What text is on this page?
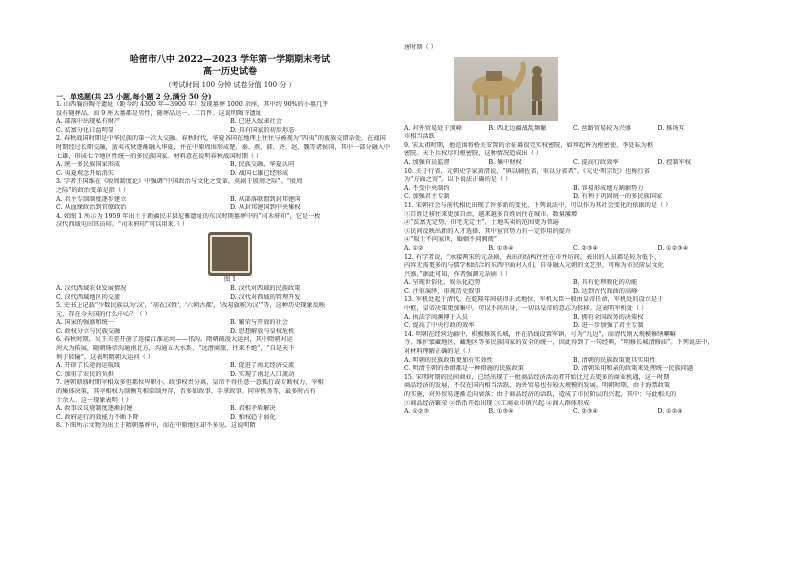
哈密市八中 2022—2023 学年第一学期期末考试
高一历史试卷
（考试时间 100 分钟 试卷分值 100 分 ）
一、单选题(共 25 小题,每小题 2 分,满分 50 分)
1. 山西襄汾陶寺遗址（距今约 4300 年—3900 年）发现墓葬 1000 余座，其中约 90%的小墓几乎
没有随葬品，而 9 座大墓都是男性，随葬品达一、二百件。这说明陶寺遗址
A. 部落中出现私有财产	B. 已进入奴隶社会
C. 贫富分化日益明显	D. 具有国家的初步形态
2. 春秋战国时期是中华民族的第一次大交融。春秋时代，华夏各国在地理上往往与被视为“四夷”的蛮族交错杂处，在战国
时期经过长期交融，蛮夷戎狄逐渐融入华夏，并在中原周围形成楚、秦、燕、韩、齐、赵、魏等诸侯国，其中一部分融入中
七雄，形成七个地区性统一的多民族国家。材料意在说明春秋战国时期（ ）
A. 统一多民族国家形成	B. 民族交融、华夏认同
C. 夷夏观念开始消失	D. 战国七雄已经形成
3. 学者王国维在《殷周制度论》中强调“中国政治与文化之变革，莫剧于殷周之际”。“殷周
之际”的政治变革是指（ ）
A. 君主专制制度逐步建立	B. 从部落联盟到封邦建国
C. 从血缘政治到官僚政治	D. 从封邦建国到中央集权
4. 如图 1 所示为 1959 年出土于新疆民丰县尼雅遗址的东汉时期墓葬中的“司禾府印”，它是一枚
汉代西域屯田官员印。“司禾府印”可以用来（ ）
图 1
A. 汉代西域农业发展情况	B. 汉代对西域的民族政策
C. 汉代西域地区的交流	D. 汉代对西域的管理开发
5. 史书上记载“少数民族以为'汉'，'胡衣汉姓'，'六朝古都'，'改易旗帜为汉'”等，这种历史现象反映
元，存在今天国的什么中心？（ ）
A. 国家的强盛和统一	B. 繁荣与开放的社会
C. 政权分立与民族交融	D. 思想解放与皇权危机
6. 春秋时期，吴王夫差开凿了连接江淮运河——邗沟。隋朝疏浚大运河，其中隋朝对运
河大为拓展，随朝炀帝沟通南北方，沟通五大水系，“远漕商旅，往来不绝”，“自是天下
利于转输”。这表明隋朝大运河（ ）
A. 开辟了长途海运航线	B. 促进了南北经济交流
C. 加重了农民的负担	D. 实现了南北人口流动
7. 唐朝鼎盛时期宰相众多但都位卑职小，政事权责分离，皇帝不得任意一意孤行或专断权力，宰相
的集体决策，其宰相权力制衡互相牵制并存，否多如政事、手拿政事、同审机务等，最多时占有
十余人。这一现象表明（ ）
A. 政事议议规制度逐渐封建	B. 君相矛盾解决
C. 政府运行的效能力不断下降	D. 相权趋于弱化
8. 下图所示文物为出土于隋朝墓葬中，而在中原地区却不多见。这说明隋
唐时期（ ）
A. 对外贸易处于顶峰	B. 西北边疆战乱频繁	C. 丝路贸易较为兴盛	D. 推场互
市相当活跃
9. 宋太祖时期，他范围将桥关安置的余征募很完实权密院，如拜起皆为枢密使、李处耘为枢
密院。天下兵权尽归枢密院，这种情况造成出（ ）
A. 加强官员监督	B. 集中财权	C. 提高行政效率	D. 控制军权
10. 关于行省，元朝史学家黄溍说，“镇以辅佐省，重以分省者”。《元史·明宗纪》也称行省
为“方面之寄”。以下说法正确的是（ ）
A. 不受中央制约	B. 容易形成地方割据势力
C. 加强君主专制	D. 有利于巩固统一的多民族国家
11. 宋朝社会与前代相比出现了许多新的变化，下列说法中，可以作为其社会变化的依据的是（ ）
①百姓迁移往来更加自由，越来越多百姓居住在城市，数量激增
②“贫富无定势，田宅无定主”，土地买卖的范围更为普遍
③民间反映出新的人才选择，其中宦官势力有一定作用的提升
④“取士不问家世，婚姻不问阀阅”
A. ①②	B. ①③④	C. ②③④	D. ①②③④
12. 有学者说，“承接两宋的元杂剧，表出的结构往往在市井坊间，表出的人员都是较为低下，
内容无需更多的与儒学相结合的东西中面对人们，自身融入元朝的文艺里，可称为市民阶层文化
兴盛。”据此可知，作者强调元杂剧（ ）
A. 呈现世俗化、娱乐化趋势	B. 具有伦理教化的功能
C. 注重演绎、重视历史叙事	D. 达到古代戏曲的高峰
13. 军机处起于清代，在乾隆年间获得正式地位，军机大臣一般由皇帝任命，军机处的设立是于
中枢，皇帝决策更加集中，可以不问出身，一切以皇帝的意志为转移。这表明军机处（ ）
A. 执法学问渊博于人员	B. 拥有全国政务的决策权
C. 提高了中央行政的效率	D. 进一步加强了君主专制
14. 明朝在经营边疆中，积极修筑长城，并在沿线设置军镇，号为“九边”，而清代则大规模修缮喇嘛
寺，维护蒙藏地区、藏地区等多民族国家的安全的统一，因此得到了一句经典，“明修长城清修庙”。下列说法中，
对材料理解正确的是（ ）
A. 明朝的民族政策更加有实效性	B. 清朝的民族政策更具实用性
C. 明清王朝的举措都是一种措施的民族政策	D. 清朝采用和亲的政策来处理统一民族问题
15. 宋明时期的民间商业，已经出现了一批商品经济活动者开始比过去更多的商业机遇，这一时期
商品经济的发展，不仅在国内相当活跃，海外贸易也有较大规模的发展。明朝时期，由于海禁政策
的实施，对外贸易逐渐走向衰落；由于商品经济的活跃，造成了市民阶层的兴起，其中：与此相关的
①商品经济繁荣 ②纸币开始出现 ③工商业市镇兴起 ④商人群体形成
A. ①②③	B. ①③④	C. ②③④	D. ①②④
